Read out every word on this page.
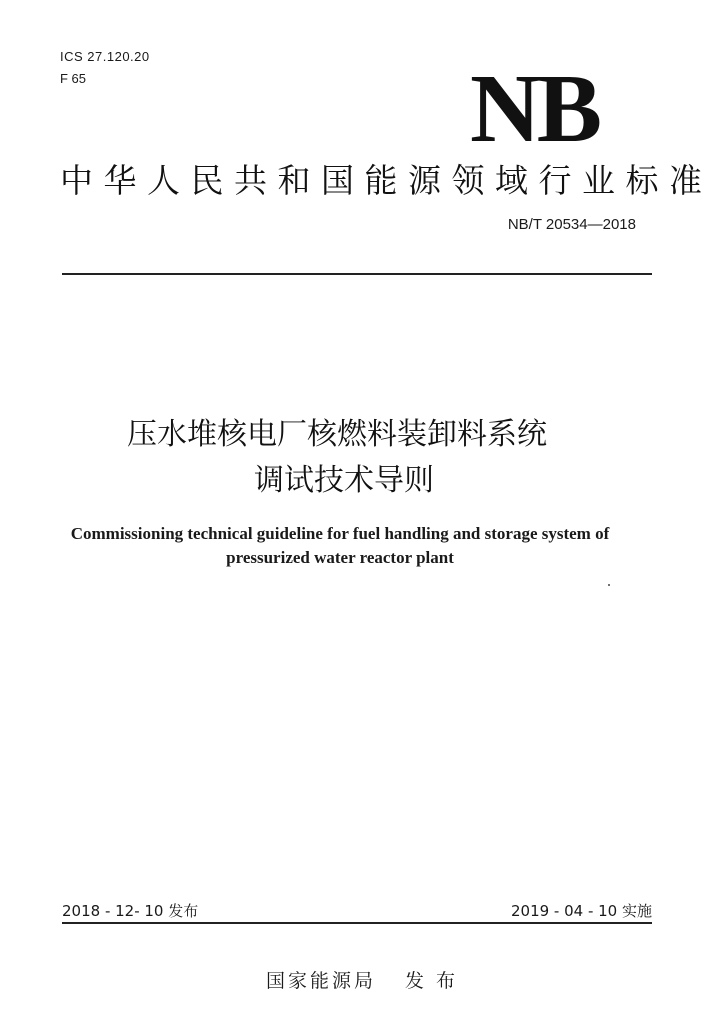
ICS 27.120.20
F 65	NB
中华人民共和国能源领域行业标准
NB/T 20534—2018
压水堆核电厂核燃料装卸料系统
调试技术导则
Commissioning technical guideline for fuel handling and storage system of
pressurized water reactor plant
2018 - 12- 10 发布	2019 - 04 - 10 实施
国家能源局 发 布
